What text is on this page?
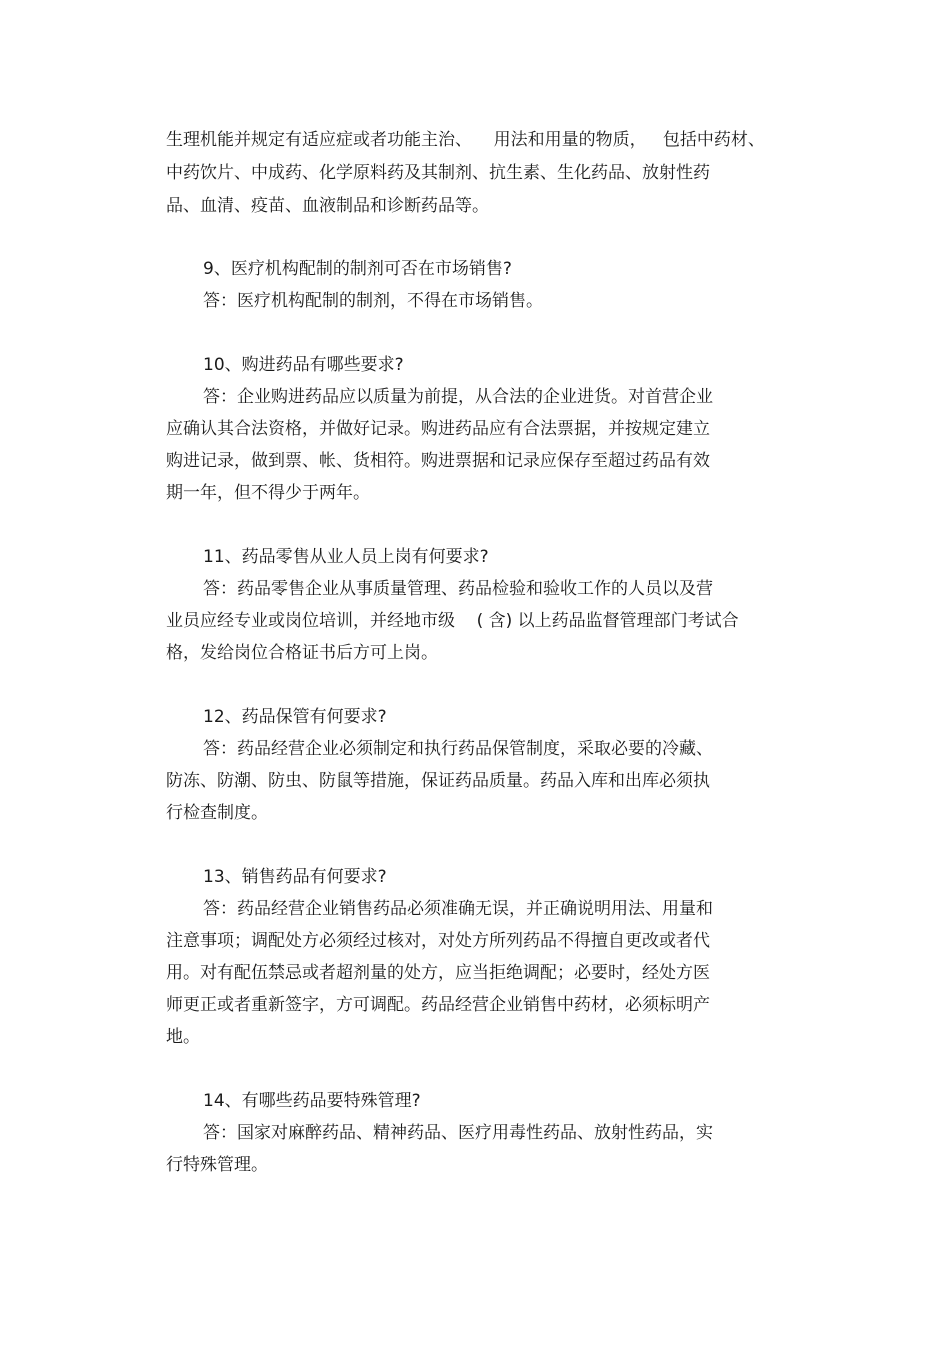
生理机能并规定有适应症或者功能主治、    用法和用量的物质，   包括中药材、

中药饮片、中成药、化学原料药及其制剂、抗生素、生化药品、放射性药

品、血清、疫苗、血液制品和诊断药品等。

9、医疗机构配制的制剂可否在市场销售?

答：医疗机构配制的制剂，不得在市场销售。

10、购进药品有哪些要求?

答：企业购进药品应以质量为前提，从合法的企业进货。对首营企业

应确认其合法资格，并做好记录。购进药品应有合法票据，并按规定建立

购进记录，做到票、帐、货相符。购进票据和记录应保存至超过药品有效

期一年，但不得少于两年。

11、药品零售从业人员上岗有何要求?

答：药品零售企业从事质量管理、药品检验和验收工作的人员以及营

业员应经专业或岗位培训，并经地市级    ( 含) 以上药品监督管理部门考试合

格，发给岗位合格证书后方可上岗。

12、药品保管有何要求?

答：药品经营企业必须制定和执行药品保管制度，采取必要的冷藏、

防冻、防潮、防虫、防鼠等措施，保证药品质量。药品入库和出库必须执

行检查制度。

13、销售药品有何要求?

答：药品经营企业销售药品必须准确无误，并正确说明用法、用量和

注意事项；调配处方必须经过核对，对处方所列药品不得擅自更改或者代

用。对有配伍禁忌或者超剂量的处方，应当拒绝调配；必要时，经处方医

师更正或者重新签字，方可调配。药品经营企业销售中药材，必须标明产

地。

14、有哪些药品要特殊管理?

答：国家对麻醉药品、精神药品、医疗用毒性药品、放射性药品，实

行特殊管理。
